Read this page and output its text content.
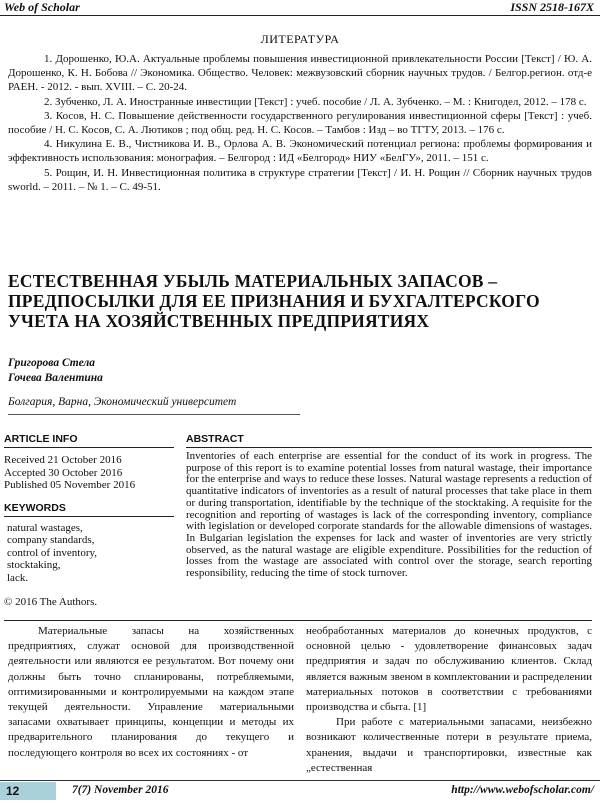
Web of Scholar	ISSN 2518-167X
ЛИТЕРАТУРА

1. Дорошенко, Ю.А. Актуальные проблемы повышения инвестиционной привлекательности России [Текст] / Ю. А. Дорошенко, К. Н. Бобова // Экономика. Общество. Человек: межвузовский сборник научных трудов. / Белгор.регион. отд-е РАЕН. - 2012. - вып. XVIII. – С. 20-24.

2. Зубченко, Л. А. Иностранные инвестиции [Текст] : учеб. пособие / Л. А. Зубченко. – М. : Книгодел, 2012. – 178 с.

3. Косов, Н. С. Повышение действенности государственного регулирования инвестиционной сферы [Текст] : учеб. пособие / Н. С. Косов, С. А. Лютиков ; под общ. ред. Н. С. Косов. – Тамбов : Изд – во ТГТУ, 2013. – 176 с.

4. Никулина Е. В., Чистникова И. В., Орлова А. В. Экономический потенциал региона: проблемы формирования и эффективность использования: монография. – Белгород : ИД «Белгород» НИУ «БелГУ», 2011. – 151 с.

5. Рощин, И. Н. Инвестиционная политика в структуре стратегии [Текст] / И. Н. Рощин // Сборник научных трудов sworld. – 2011. – № 1. – С. 49-51.

ЕСТЕСТВЕННАЯ УБЫЛЬ МАТЕРИАЛЬНЫХ ЗАПАСОВ – ПРЕДПОСЫЛКИ ДЛЯ ЕЕ ПРИЗНАНИЯ И БУХГАЛТЕРСКОГО УЧЕТА НА ХОЗЯЙСТВЕННЫХ ПРЕДПРИЯТИЯХ
Григорова Стела
Гочева Валентина
Болгария, Варна, Экономический университет
ARTICLE INFO
Received 21 October 2016
Accepted 30 October 2016
Published 05 November 2016
KEYWORDS
natural wastages,
company standards,
control of inventory,
stocktaking,
lack.
© 2016 The Authors.
ABSTRACT
Inventories of each enterprise are essential for the conduct of its work in progress. The purpose of this report is to examine potential losses from natural wastage, their importance for the enterprise and ways to reduce these losses. Natural wastage represents a reduction of quantitative indicators of inventories as a result of natural processes that take place in them or during transportation, identifiable by the technique of the stocktaking. A requisite for the recognition and reporting of wastages is lack of the corresponding inventory, compliance with legislation or developed corporate standards for the allowable dimensions of wastages. In Bulgarian legislation the expenses for lack and waster of inventories are very strictly observed, as the natural wastage are eligible expenditure. Possibilities for the reduction of losses from the wastage are associated with control over the storage, search reporting responsibility, reducing the time of stock turnover.

Материальные запасы на хозяйственных предприятиях, служат основой для производственной деятельности или являются ее результатом. Вот почему они должны быть точно спланированы, потребляемыми, оптимизированными и контролируемыми на каждом этапе текущей деятельности. Управление материальными запасами охватывает принципы, концепции и методы их предварительного планирования до текущего и последующего контроля во всех их состояниях - от

необработанных материалов до конечных продуктов, с основной целью - удовлетворение финансовых задач предприятия и задач по обслуживанию клиентов. Склад является важным звеном в комплектовании и распределении материальных потоков в соответствии с требованиями производства и сбыта. [1]

При работе с материальными запасами, неизбежно возникают количественные потери в результате приема, хранения, выдачи и транспортировки, известные как „естественная

12	7(7) November 2016	http://www.webofscholar.com/
